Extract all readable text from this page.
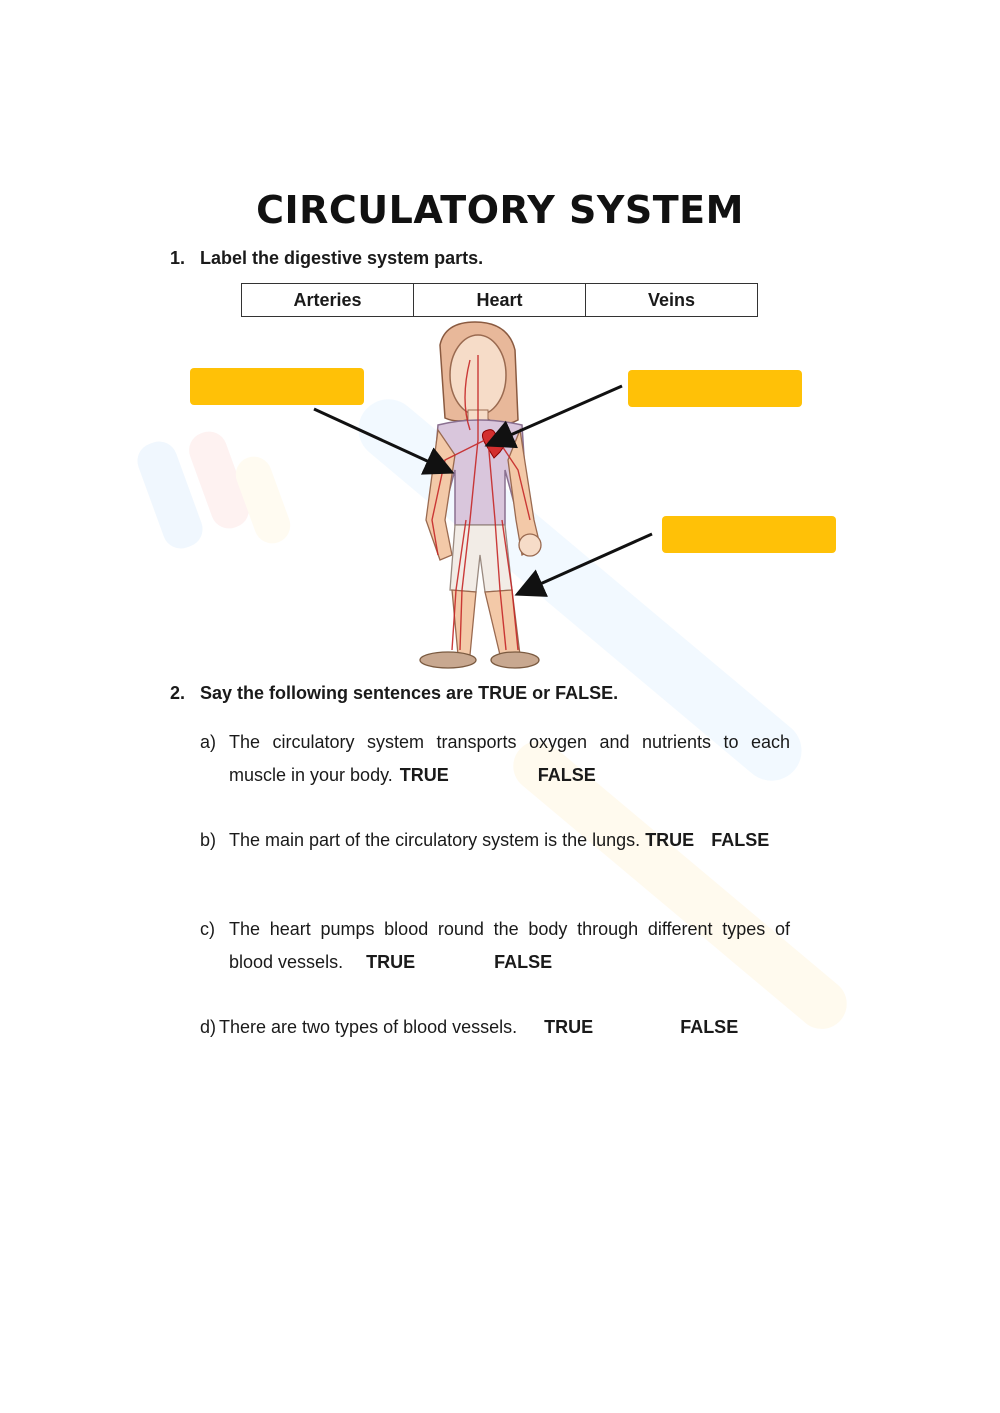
CIRCULATORY SYSTEM
1. Label the digestive system parts.
Arteries	Heart	Veins
2. Say the following sentences are TRUE or FALSE.
a) The circulatory system transports oxygen and nutrients to each
muscle in your body. TRUE	FALSE
b) The main part of the circulatory system is the lungs. TRUE FALSE
c) The heart pumps blood round the body through different types of
blood vessels. TRUE	FALSE
d) There are two types of blood vessels. TRUE	FALSE
